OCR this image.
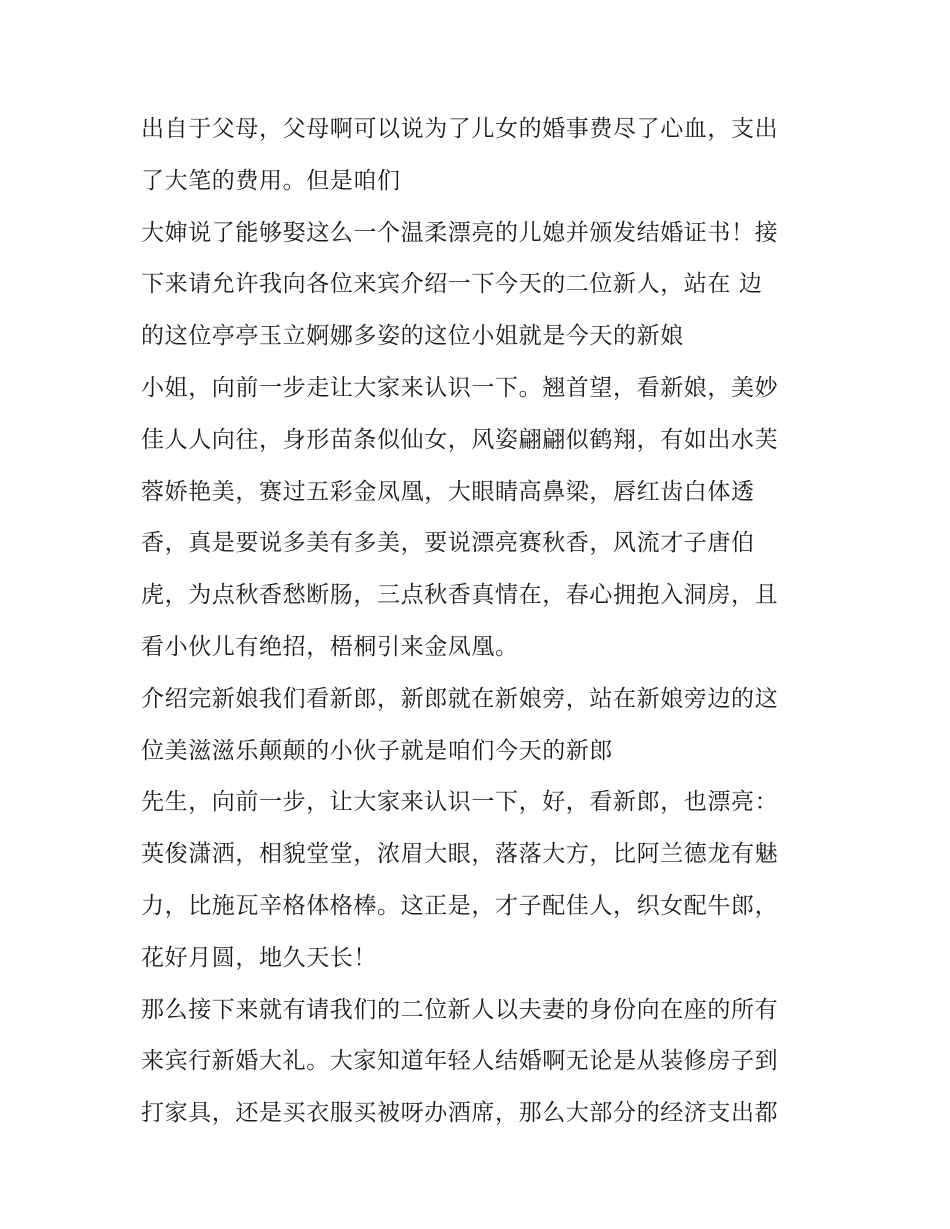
出自于父母，父母啊可以说为了儿女的婚事费尽了心血，支出
了大笔的费用。但是咱们
大婶说了能够娶这么一个温柔漂亮的儿媳并颁发结婚证书！接
下来请允许我向各位来宾介绍一下今天的二位新人，站在 边
的这位亭亭玉立婀娜多姿的这位小姐就是今天的新娘
小姐，向前一步走让大家来认识一下。翘首望，看新娘，美妙
佳人人向往，身形苗条似仙女，风姿翩翩似鹤翔，有如出水芙
蓉娇艳美，赛过五彩金凤凰，大眼睛高鼻梁，唇红齿白体透
香，真是要说多美有多美，要说漂亮赛秋香，风流才子唐伯
虎，为点秋香愁断肠，三点秋香真情在，春心拥抱入洞房，且
看小伙儿有绝招，梧桐引来金凤凰。
介绍完新娘我们看新郎，新郎就在新娘旁，站在新娘旁边的这
位美滋滋乐颠颠的小伙子就是咱们今天的新郎
先生，向前一步，让大家来认识一下，好，看新郎，也漂亮：
英俊潇洒，相貌堂堂，浓眉大眼，落落大方，比阿兰德龙有魅
力，比施瓦辛格体格棒。这正是，才子配佳人，织女配牛郎，
花好月圆，地久天长！
那么接下来就有请我们的二位新人以夫妻的身份向在座的所有
来宾行新婚大礼。大家知道年轻人结婚啊无论是从装修房子到
打家具，还是买衣服买被呀办酒席，那么大部分的经济支出都
